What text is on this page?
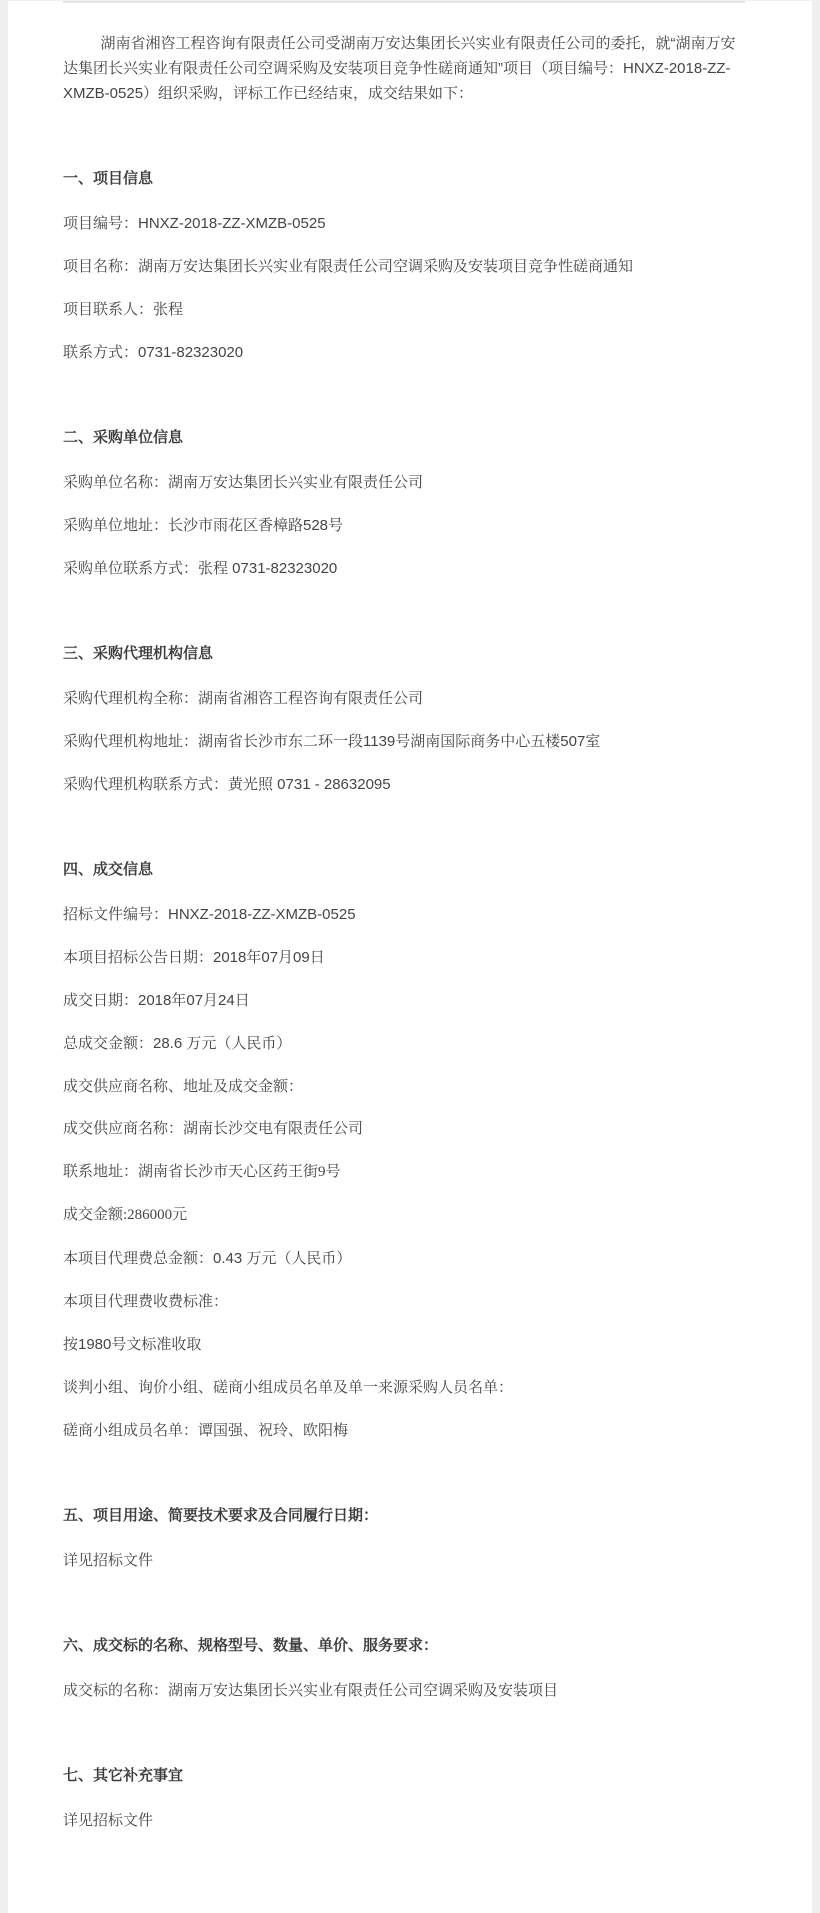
湖南省湘咨工程咨询有限责任公司受湖南万安达集团长兴实业有限责任公司的委托，就“湖南万安达集团长兴实业有限责任公司空调采购及安装项目竞争性磋商通知”项目（项目编号：HNXZ-2018-ZZ-XMZB-0525）组织采购，评标工作已经结束，成交结果如下：

一、项目信息

项目编号：HNXZ-2018-ZZ-XMZB-0525

项目名称：湖南万安达集团长兴实业有限责任公司空调采购及安装项目竞争性磋商通知

项目联系人：张程

联系方式：0731-82323020

二、采购单位信息

采购单位名称：湖南万安达集团长兴实业有限责任公司

采购单位地址：长沙市雨花区香樟路528号

采购单位联系方式：张程 0731-82323020

三、采购代理机构信息

采购代理机构全称：湖南省湘咨工程咨询有限责任公司

采购代理机构地址：湖南省长沙市东二环一段1139号湖南国际商务中心五楼507室

采购代理机构联系方式：黄光照 0731 - 28632095

四、成交信息

招标文件编号：HNXZ-2018-ZZ-XMZB-0525

本项目招标公告日期：2018年07月09日

成交日期：2018年07月24日

总成交金额：28.6 万元（人民币）

成交供应商名称、地址及成交金额：

成交供应商名称：湖南长沙交电有限责任公司

联系地址：湖南省长沙市天心区药王街9号

成交金额:286000元

本项目代理费总金额：0.43 万元（人民币）

本项目代理费收费标准：

按1980号文标准收取

谈判小组、询价小组、磋商小组成员名单及单一来源采购人员名单：

磋商小组成员名单：谭国强、祝玲、欧阳梅

五、项目用途、简要技术要求及合同履行日期：

详见招标文件

六、成交标的名称、规格型号、数量、单价、服务要求：

成交标的名称：湖南万安达集团长兴实业有限责任公司空调采购及安装项目

七、其它补充事宜

详见招标文件
